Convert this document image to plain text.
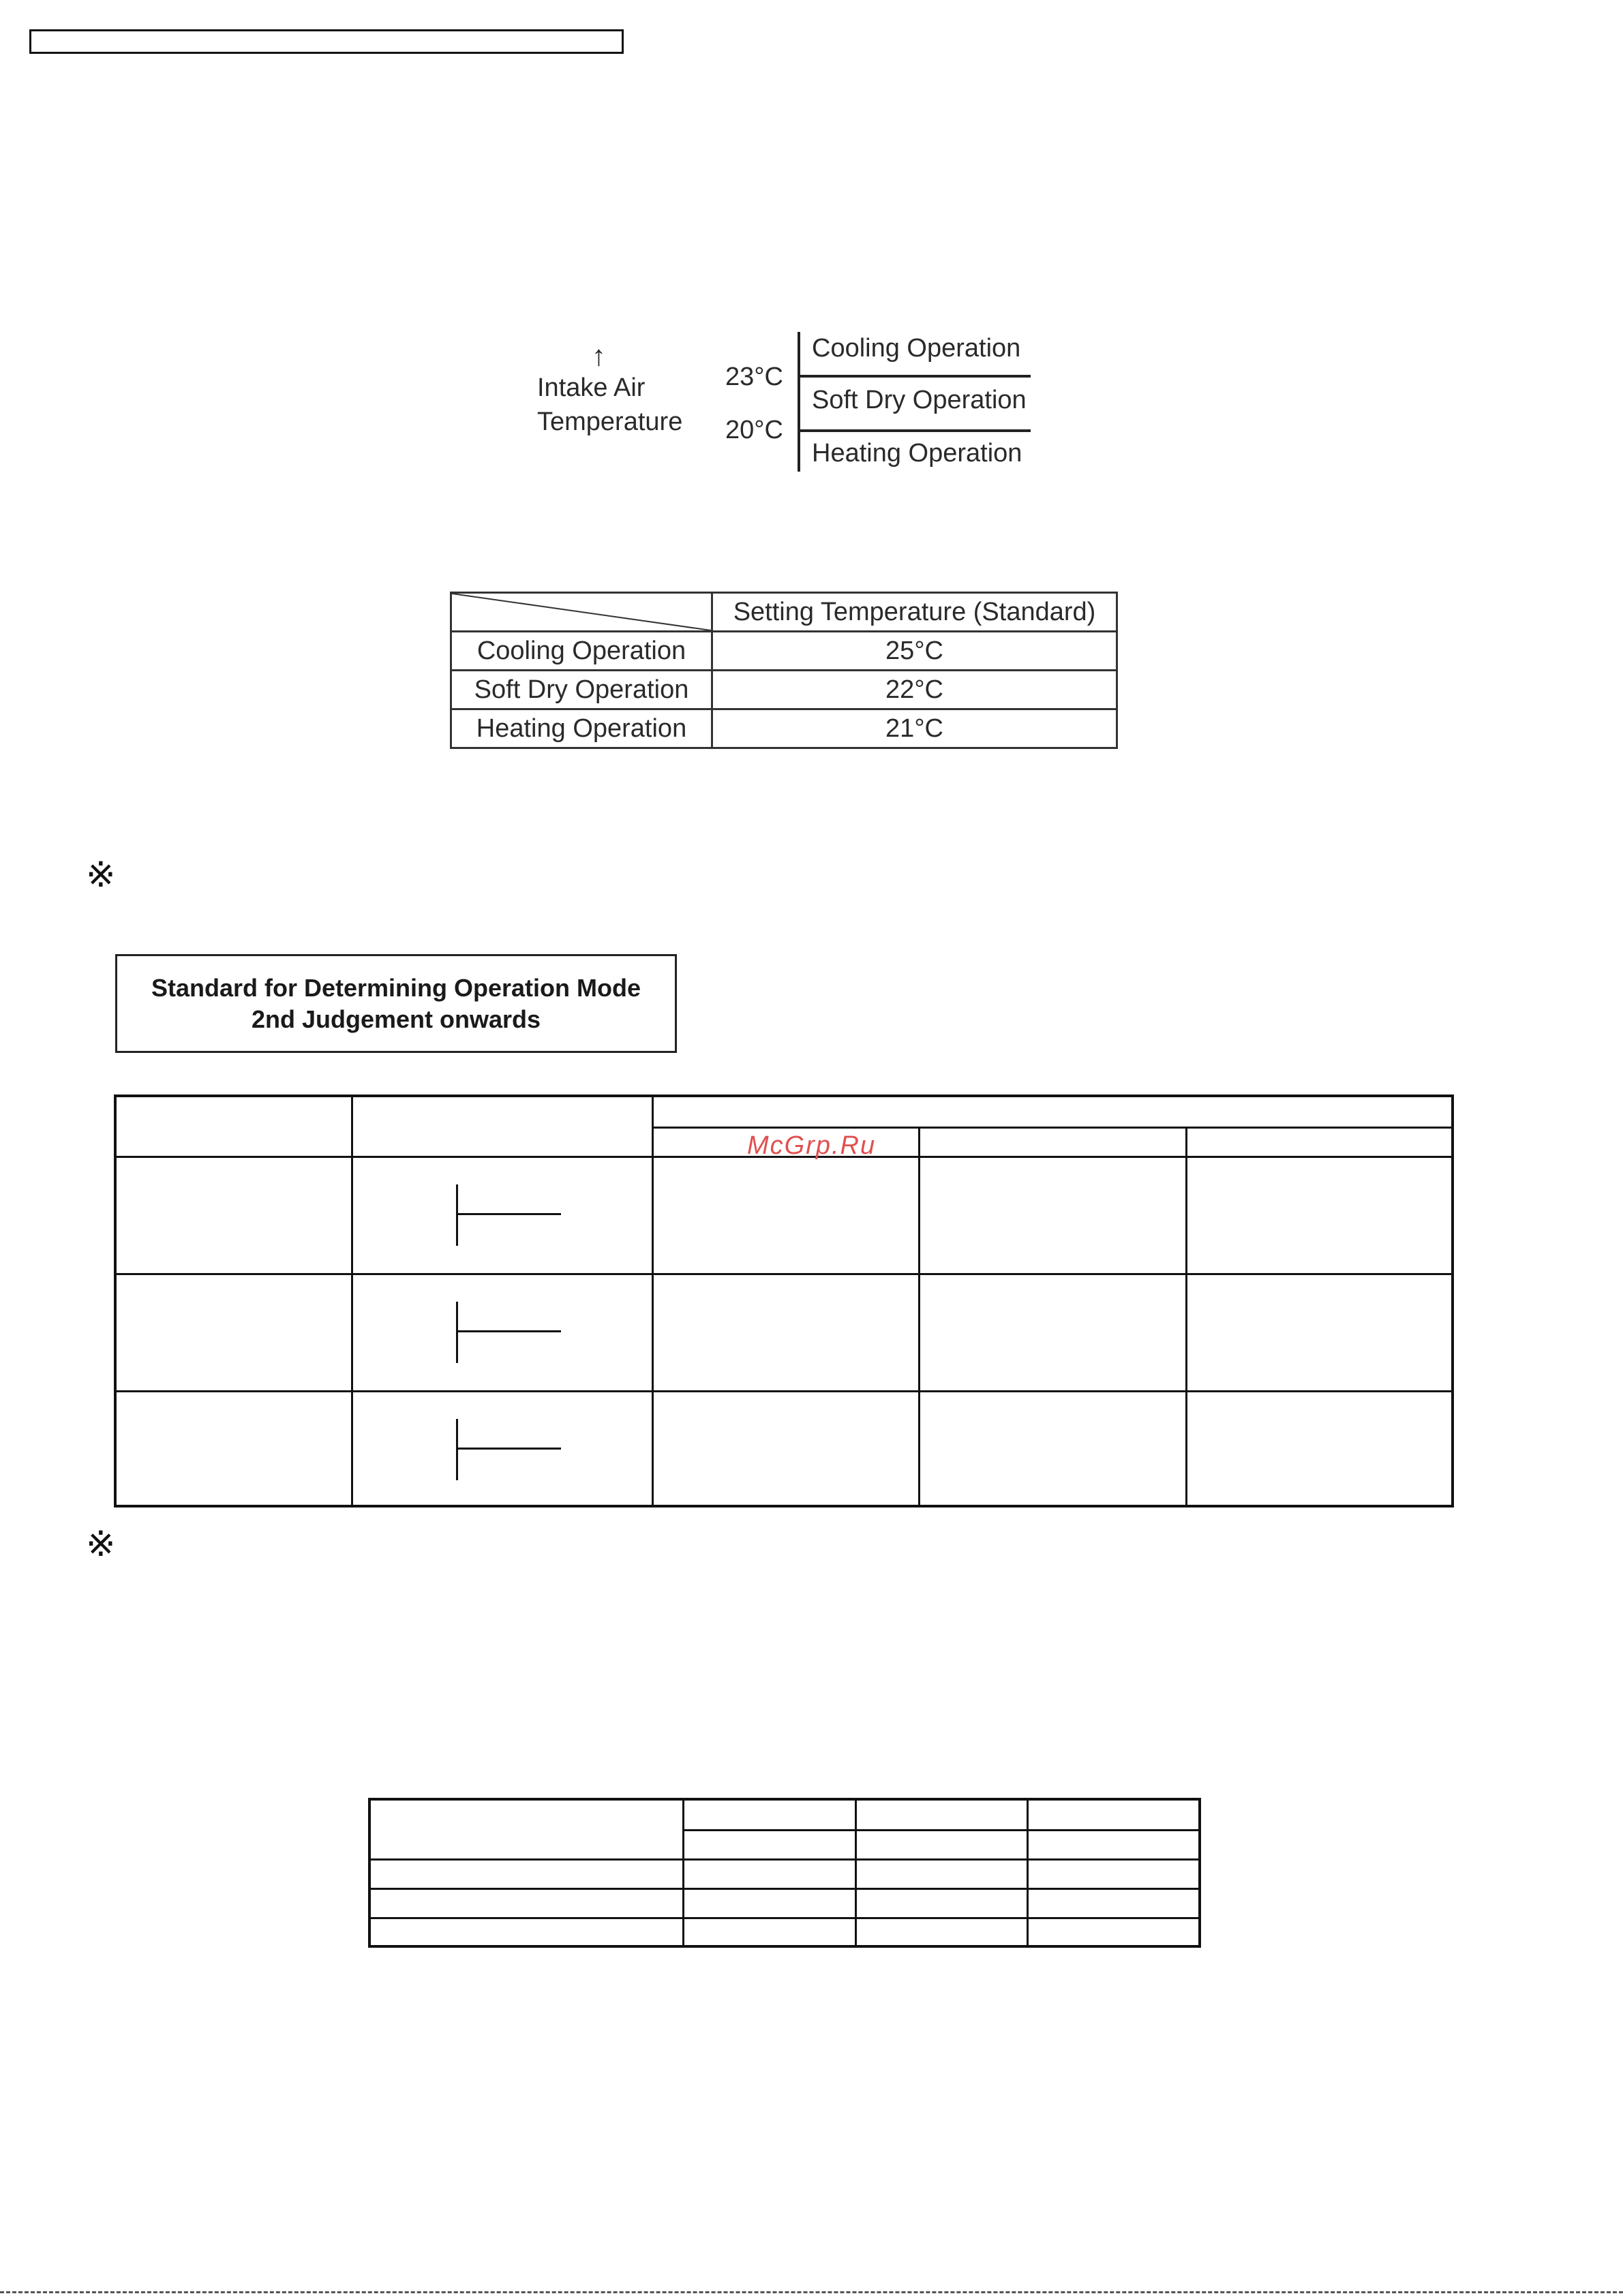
↑
Intake Air
Temperature
23°C
20°C
Cooling Operation
Soft Dry Operation
Heating Operation
	Setting Temperature (Standard)
Cooling Operation	25°C
Soft Dry Operation	22°C
Heating Operation	21°C
※
Standard for Determining Operation Mode
2nd Judgement onwards
McGrp.Ru
※
